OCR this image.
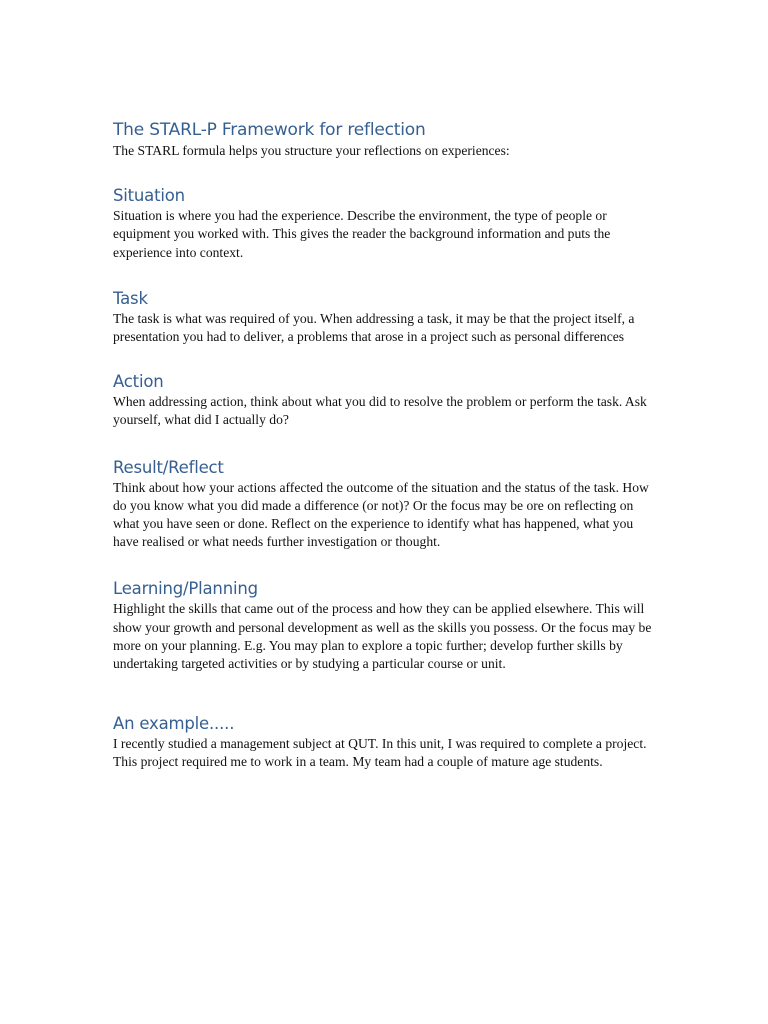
The STARL-P Framework for reflection

The STARL formula helps you structure your reflections on experiences:

Situation

Situation is where you had the experience. Describe the environment, the type of people or equipment you worked with. This gives the reader the background information and puts the experience into context.

Task

The task is what was required of you. When addressing a task, it may be that the project itself, a presentation you had to deliver, a problems that arose in a project such as personal differences

Action

When addressing action, think about what you did to resolve the problem or perform the task. Ask yourself, what did I actually do?

Result/Reflect

Think about how your actions affected the outcome of the situation and the status of the task. How do you know what you did made a difference (or not)? Or the focus may be ore on reflecting on what you have seen or done. Reflect on the experience to identify what has happened, what you have realised or what needs further investigation or thought.

Learning/Planning

Highlight the skills that came out of the process and how they can be applied elsewhere. This will show your growth and personal development as well as the skills you possess. Or the focus may be more on your planning. E.g. You may plan to explore a topic further; develop further skills by undertaking targeted activities or by studying a particular course or unit.

An example.....

I recently studied a management subject at QUT. In this unit, I was required to complete a project. This project required me to work in a team. My team had a couple of mature age students.
